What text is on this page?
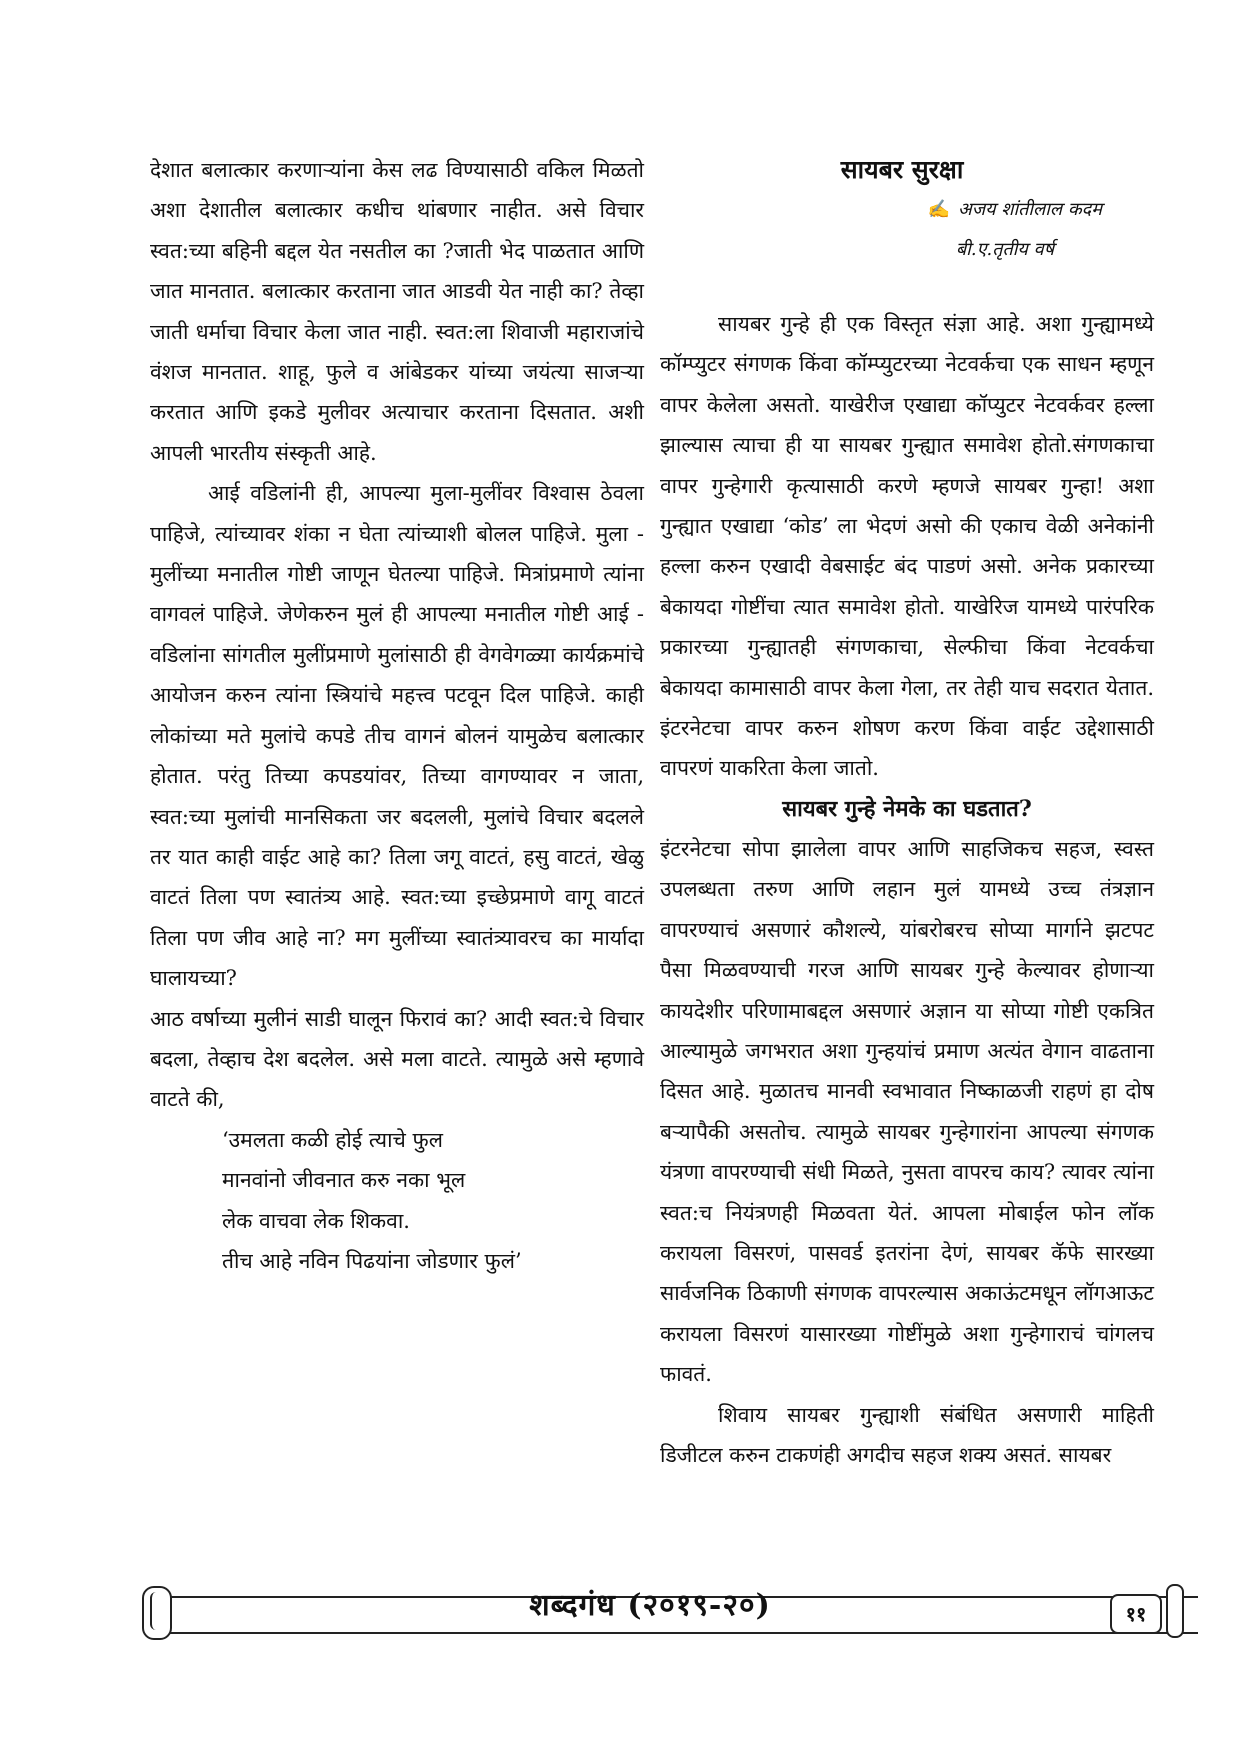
देशात बलात्कार करणाऱ्यांना केस लढ विण्यासाठी वकिल मिळतो अशा देशातील बलात्कार कधीच थांबणार नाहीत. असे विचार स्वत:च्या बहिनी बद्दल येत नसतील का ?जाती भेद पाळतात आणि जात मानतात. बलात्कार करताना जात आडवी येत नाही का? तेव्हा जाती धर्माचा विचार केला जात नाही. स्वत:ला शिवाजी महाराजांचे वंशज मानतात. शाहू, फुले व आंबेडकर यांच्या जयंत्या साजऱ्या करतात आणि इकडे मुलीवर अत्याचार करताना दिसतात. अशी आपली भारतीय संस्कृती आहे.

आई वडिलांनी ही, आपल्या मुला-मुलींवर विश्वास ठेवला पाहिजे, त्यांच्यावर शंका न घेता त्यांच्याशी बोलल पाहिजे. मुला - मुलींच्या मनातील गोष्टी जाणून घेतल्या पाहिजे. मित्रांप्रमाणे त्यांना वागवलं पाहिजे. जेणेकरुन मुलं ही आपल्या मनातील गोष्टी आई - वडिलांना सांगतील मुलींप्रमाणे मुलांसाठी ही वेगवेगळ्या कार्यक्रमांचे आयोजन करुन त्यांना स्त्रियांचे महत्त्व पटवून दिल पाहिजे. काही लोकांच्या मते मुलांचे कपडे तीच वागनं बोलनं यामुळेच बलात्कार होतात. परंतु तिच्या कपडयांवर, तिच्या वागण्यावर न जाता, स्वत:च्या मुलांची मानसिकता जर बदलली, मुलांचे विचार बदलले तर यात काही वाईट आहे का? तिला जगू वाटतं, हसु वाटतं, खेळु वाटतं तिला पण स्वातंत्र्य आहे. स्वत:च्या इच्छेप्रमाणे वागू वाटतं तिला पण जीव आहे ना? मग मुलींच्या स्वातंत्र्यावरच का मार्यादा घालायच्या?

आठ वर्षाच्या मुलीनं साडी घालून फिरावं का? आदी स्वत:चे विचार बदला, तेव्हाच देश बदलेल. असे मला वाटते. त्यामुळे असे म्हणावे वाटते की,

‘उमलता कळी होई त्याचे फुल
मानवांनो जीवनात करु नका भूल
लेक वाचवा लेक शिकवा.
तीच आहे नविन पिढयांना जोडणार फुलं’

सायबर सुरक्षा
✍ अजय शांतीलाल कदम
बी.ए.तृतीय वर्ष

सायबर गुन्हे ही एक विस्तृत संज्ञा आहे. अशा गुन्ह्यामध्ये कॉम्प्युटर संगणक किंवा कॉम्प्युटरच्या नेटवर्कचा एक साधन म्हणून वापर केलेला असतो. याखेरीज एखाद्या कॉप्युटर नेटवर्कवर हल्ला झाल्यास त्याचा ही या सायबर गुन्ह्यात समावेश होतो.संगणकाचा वापर गुन्हेगारी कृत्यासाठी करणे म्हणजे सायबर गुन्हा! अशा गुन्ह्यात एखाद्या ‘कोड’ ला भेदणं असो की एकाच वेळी अनेकांनी हल्ला करुन एखादी वेबसाईट बंद पाडणं असो. अनेक प्रकारच्या बेकायदा गोष्टींचा त्यात समावेश होतो. याखेरिज यामध्ये पारंपरिक प्रकारच्या गुन्ह्यातही संगणकाचा, सेल्फीचा किंवा नेटवर्कचा बेकायदा कामासाठी वापर केला गेला, तर तेही याच सदरात येतात. इंटरनेटचा वापर करुन शोषण करण किंवा वाईट उद्देशासाठी वापरणं याकरिता केला जातो.

सायबर गुन्हे नेमके का घडतात?

इंटरनेटचा सोपा झालेला वापर आणि साहजिकच सहज, स्वस्त उपलब्धता तरुण आणि लहान मुलं यामध्ये उच्च तंत्रज्ञान वापरण्याचं असणारं कौशल्ये, यांबरोबरच सोप्या मार्गाने झटपट पैसा मिळवण्याची गरज आणि सायबर गुन्हे केल्यावर होणाऱ्या कायदेशीर परिणामाबद्दल असणारं अज्ञान या सोप्या गोष्टी एकत्रित आल्यामुळे जगभरात अशा गुन्हयांचं प्रमाण अत्यंत वेगान वाढताना दिसत आहे. मुळातच मानवी स्वभावात निष्काळजी राहणं हा दोष बऱ्यापैकी असतोच. त्यामुळे सायबर गुन्हेगारांना आपल्या संगणक यंत्रणा वापरण्याची संधी मिळते, नुसता वापरच काय? त्यावर त्यांना स्वत:च नियंत्रणही मिळवता येतं. आपला मोबाईल फोन लॉक करायला विसरणं, पासवर्ड इतरांना देणं, सायबर कॅफे सारख्या सार्वजनिक ठिकाणी संगणक वापरल्यास अकाऊंटमधून लॉगआऊट करायला विसरणं यासारख्या गोष्टींमुळे अशा गुन्हेगाराचं चांगलच फावतं.

शिवाय सायबर गुन्ह्याशी संबंधित असणारी माहिती डिजीटल करुन टाकणंही अगदीच सहज शक्य असतं. सायबर

शब्दगंध (२०१९-२०)	११
